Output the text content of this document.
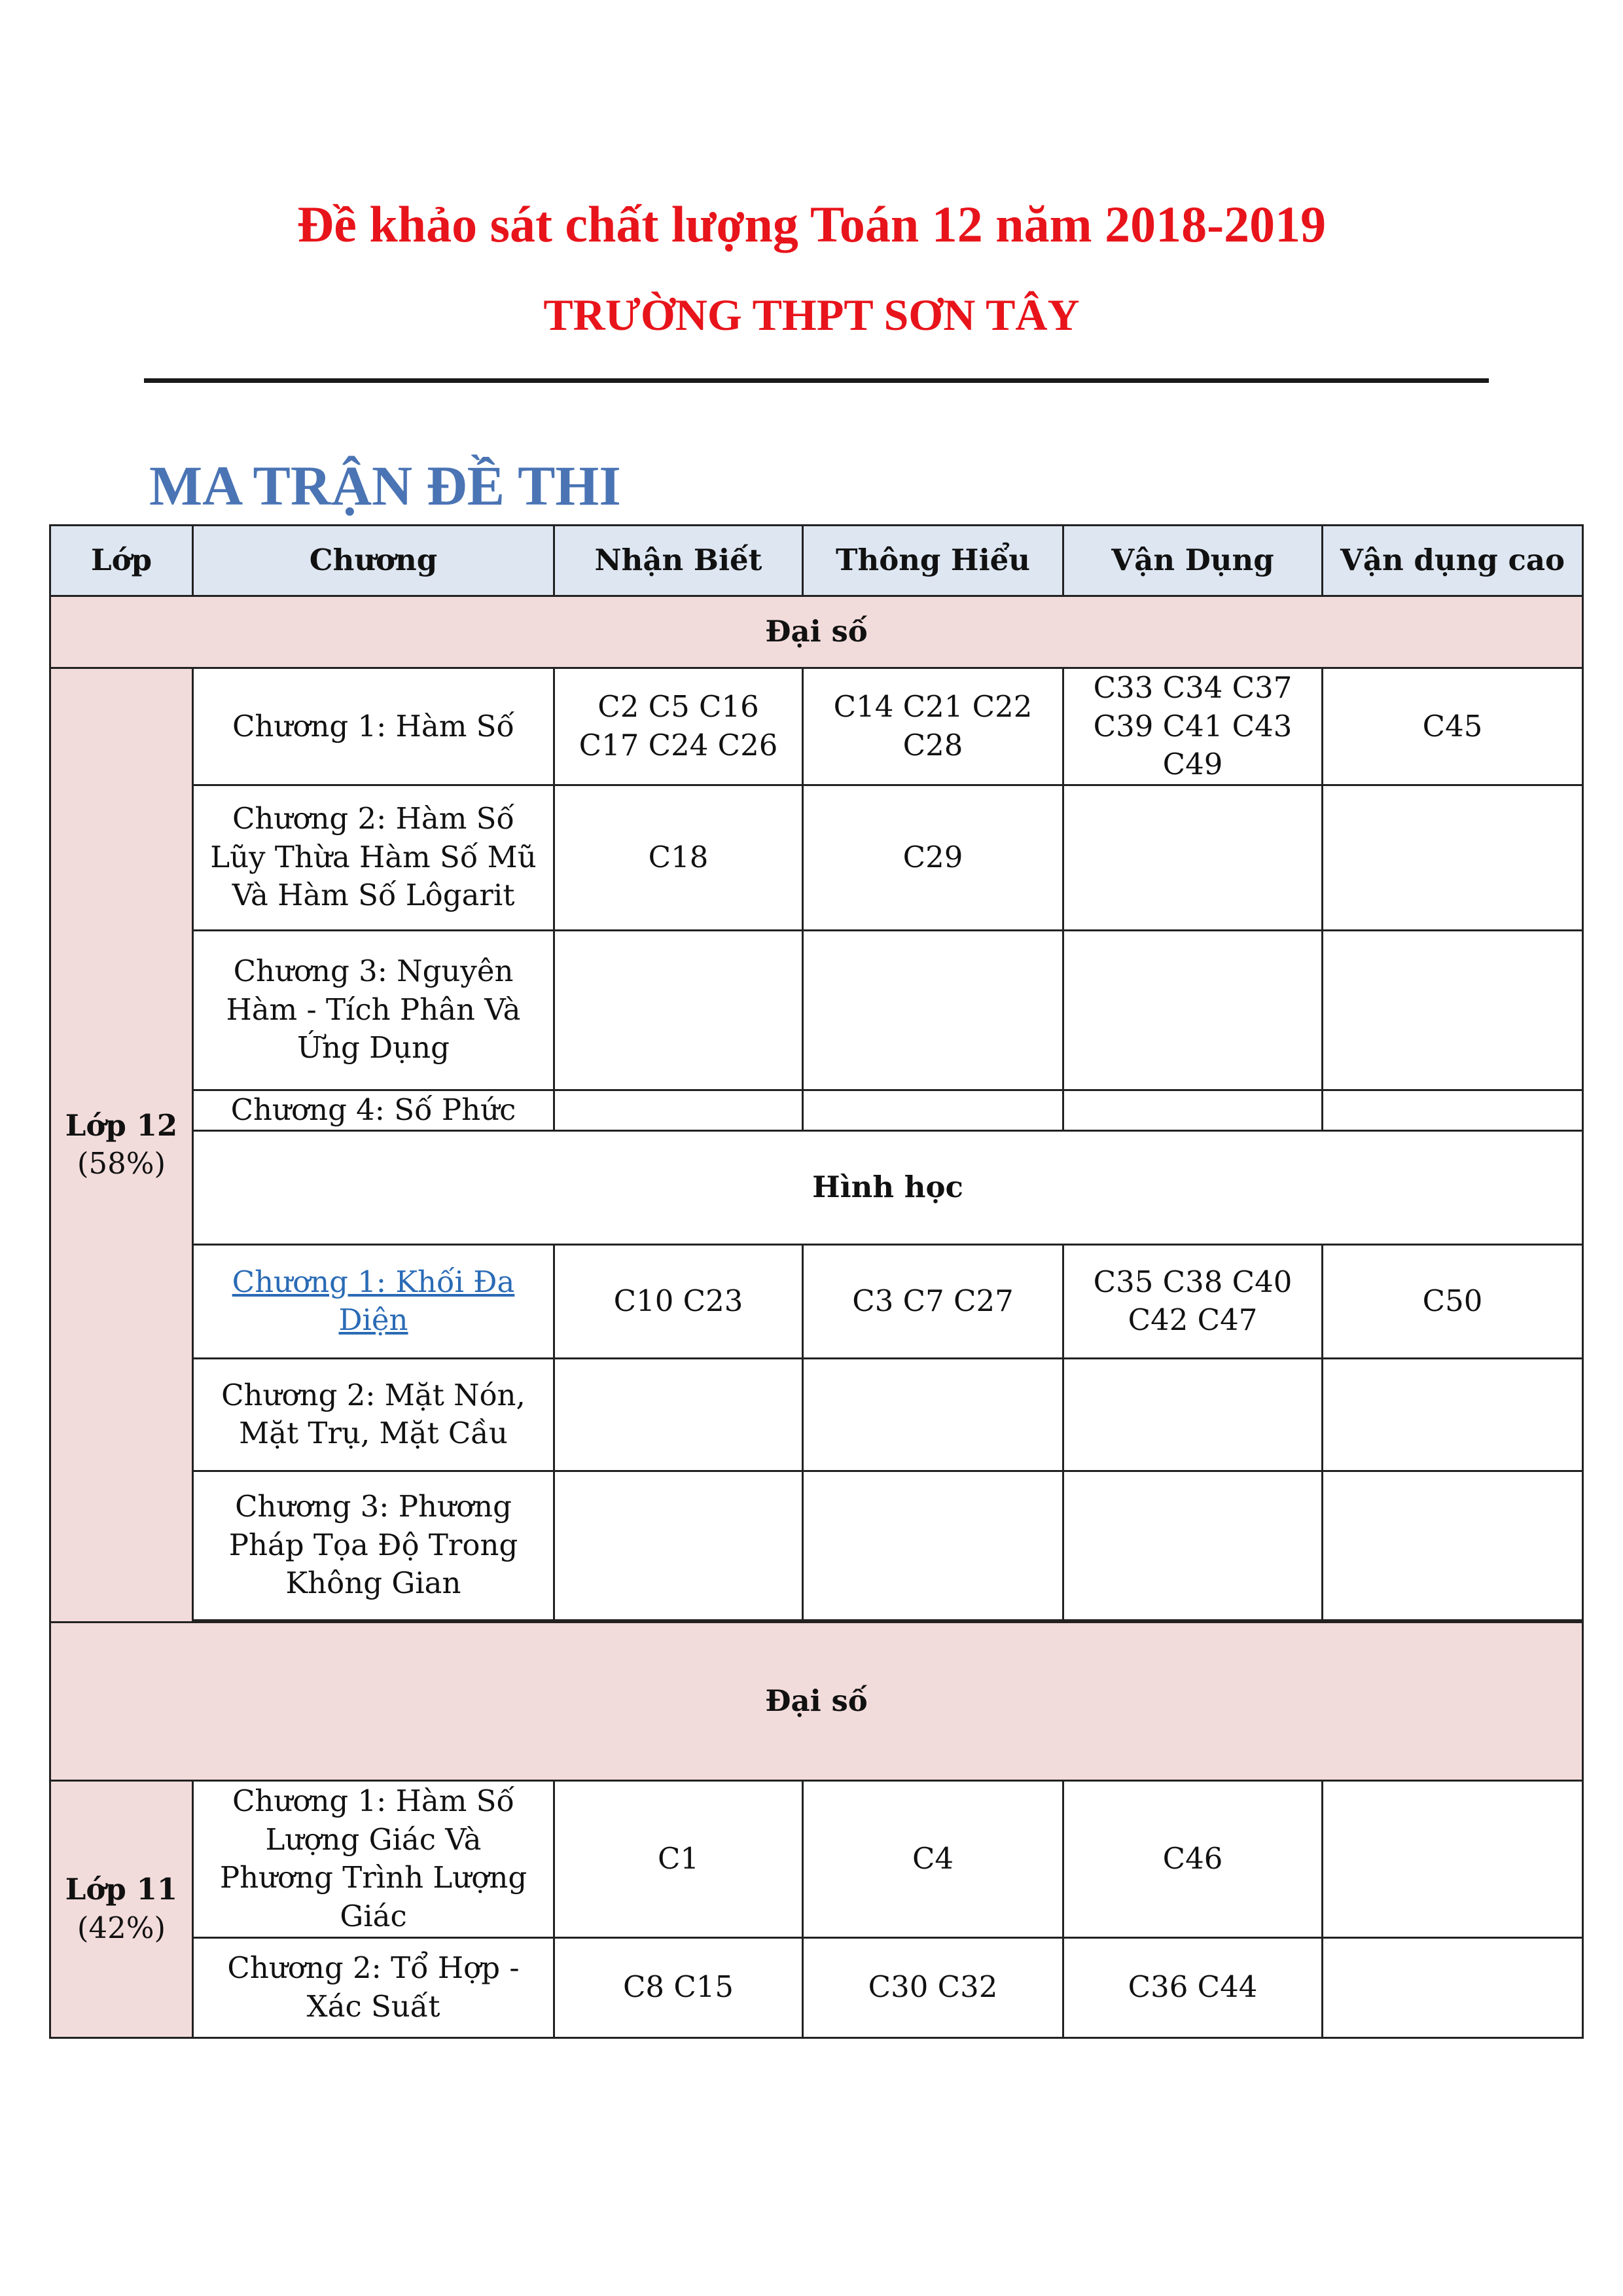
Đề khảo sát chất lượng Toán 12 năm 2018-2019
TRƯỜNG THPT SƠN TÂY
MA TRẬN ĐỀ THI
Lớp	Chương	Nhận Biết	Thông Hiểu	Vận Dụng	Vận dụng cao
Đại số					

Lớp 12
(58%)	Chương 1: Hàm Số	C2 C5 C16 C17 C24 C26	C14 C21 C22 C28	C33 C34 C37 C39 C41 C43 C49	C45
	Chương 2: Hàm Số Lũy Thừa Hàm Số Mũ Và Hàm Số Lôgarit	C18	C29		
	Chương 3: Nguyên Hàm - Tích Phân Và Ứng Dụng				
	Chương 4: Số Phức				
	Hình học				
	Chương 1: Khối Đa Diện	C10 C23	C3 C7 C27	C35 C38 C40 C42 C47	C50
	Chương 2: Mặt Nón, Mặt Trụ, Mặt Cầu				
	Chương 3: Phương Pháp Tọa Độ Trong Không Gian				

Đại số					

Lớp 11
(42%)	Chương 1: Hàm Số Lượng Giác Và Phương Trình Lượng Giác	C1	C4	C46	
	Chương 2: Tổ Hợp - Xác Suất	C8 C15	C30 C32	C36 C44	
